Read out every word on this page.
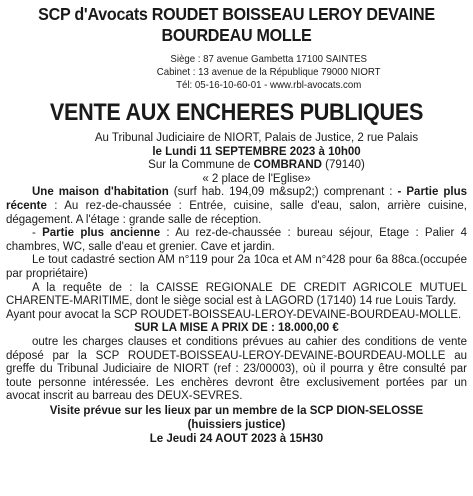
SCP d'Avocats ROUDET BOISSEAU LEROY DEVAINE
BOURDEAU MOLLE
Siège : 87 avenue Gambetta 17100 SAINTES
Cabinet : 13 avenue de la République 79000 NIORT
Tél: 05-16-10-60-01 - www.rbl-avocats.com
VENTE AUX ENCHERES PUBLIQUES
Au Tribunal Judiciaire de NIORT, Palais de Justice, 2 rue Palais
le Lundi 11 SEPTEMBRE 2023 à 10h00
Sur la Commune de COMBRAND (79140)
« 2 place de l'Eglise»

Une maison d'habitation (surf hab. 194,09 m&sup2;) comprenant : - Partie plus récente : Au rez-de-chaussée : Entrée, cuisine, salle d'eau, salon, arrière cuisine, dégagement. A l'étage : grande salle de réception.

- Partie plus ancienne : Au rez-de-chaussée : bureau séjour, Etage : Palier 4 chambres, WC, salle d'eau et grenier. Cave et jardin.

Le tout cadastré section AM n°119 pour 2a 10ca et AM n°428 pour 6a 88ca.(occupée par propriétaire)

A la requête de : la CAISSE REGIONALE DE CREDIT AGRICOLE MUTUEL CHARENTE-MARITIME, dont le siège social est à LAGORD (17140) 14 rue Louis Tardy.

Ayant pour avocat la SCP ROUDET-BOISSEAU-LEROY-DEVAINE-BOURDEAU-MOLLE.

SUR LA MISE A PRIX DE : 18.000,00 €

outre les charges clauses et conditions prévues au cahier des conditions de vente déposé par la SCP ROUDET-BOISSEAU-LEROY-DEVAINE-BOURDEAU-MOLLE au greffe du Tribunal Judiciaire de NIORT (ref : 23/00003), où il pourra y être consulté par toute personne intéressée. Les enchères devront être exclusivement portées par un avocat inscrit au barreau des DEUX-SEVRES.

Visite prévue sur les lieux par un membre de la SCP DION-SELOSSE
(huissiers justice)
Le Jeudi 24 AOUT 2023 à 15H30
